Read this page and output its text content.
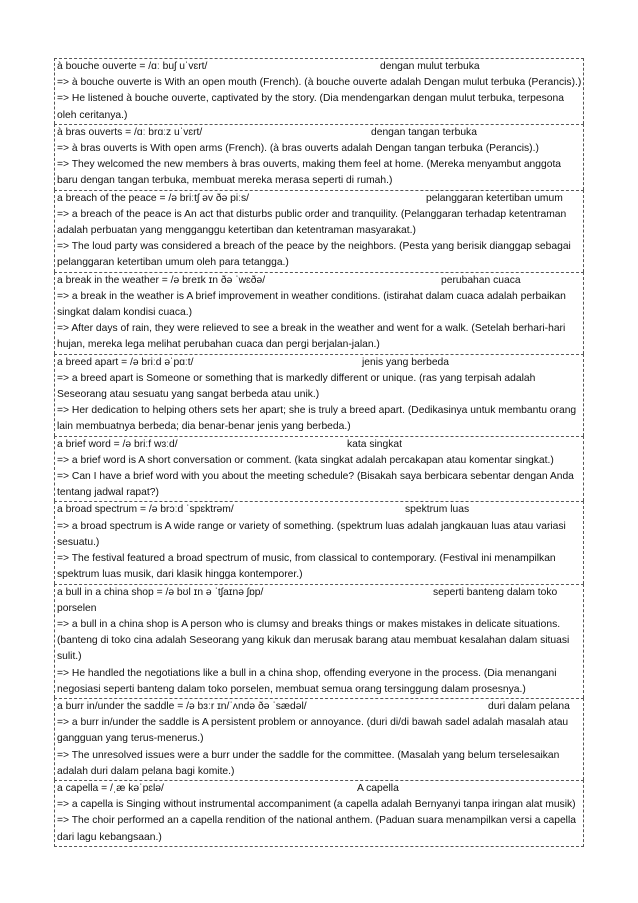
à bouche ouverte = /ɑː buʃ uˈvɛrt/	dengan mulut terbuka

=> à bouche ouverte is With an open mouth (French). (à bouche ouverte adalah Dengan mulut terbuka (Perancis).)

=> He listened à bouche ouverte, captivated by the story. (Dia mendengarkan dengan mulut terbuka, terpesona oleh ceritanya.)

à bras ouverts = /ɑː brɑːz uˈvɛrt/	dengan tangan terbuka

=> à bras ouverts is With open arms (French). (à bras ouverts adalah Dengan tangan terbuka (Perancis).)

=> They welcomed the new members à bras ouverts, making them feel at home. (Mereka menyambut anggota baru dengan tangan terbuka, membuat mereka merasa seperti di rumah.)

a breach of the peace = /ə briːtʃ əv ðə piːs/	pelanggaran ketertiban umum

=> a breach of the peace is An act that disturbs public order and tranquility. (Pelanggaran terhadap ketentraman adalah perbuatan yang mengganggu ketertiban dan ketentraman masyarakat.)

=> The loud party was considered a breach of the peace by the neighbors. (Pesta yang berisik dianggap sebagai pelanggaran ketertiban umum oleh para tetangga.)

a break in the weather = /ə breɪk ɪn ðə ˈwɛðə/	perubahan cuaca

=> a break in the weather is A brief improvement in weather conditions. (istirahat dalam cuaca adalah perbaikan singkat dalam kondisi cuaca.)

=> After days of rain, they were relieved to see a break in the weather and went for a walk. (Setelah berhari-hari hujan, mereka lega melihat perubahan cuaca dan pergi berjalan-jalan.)

a breed apart = /ə briːd əˈpɑːt/	jenis yang berbeda

=> a breed apart is Someone or something that is markedly different or unique. (ras yang terpisah adalah Seseorang atau sesuatu yang sangat berbeda atau unik.)

=> Her dedication to helping others sets her apart; she is truly a breed apart. (Dedikasinya untuk membantu orang lain membuatnya berbeda; dia benar-benar jenis yang berbeda.)

a brief word = /ə briːf wɜːd/	kata singkat

=> a brief word is A short conversation or comment. (kata singkat adalah percakapan atau komentar singkat.)

=> Can I have a brief word with you about the meeting schedule? (Bisakah saya berbicara sebentar dengan Anda tentang jadwal rapat?)

a broad spectrum = /ə brɔːd ˈspɛktrəm/	spektrum luas

=> a broad spectrum is A wide range or variety of something. (spektrum luas adalah jangkauan luas atau variasi sesuatu.)

=> The festival featured a broad spectrum of music, from classical to contemporary. (Festival ini menampilkan spektrum luas musik, dari klasik hingga kontemporer.)

a bull in a china shop = /ə bʊl ɪn ə ˈtʃaɪnə ʃɒp/	seperti banteng dalam toko

porselen

=> a bull in a china shop is A person who is clumsy and breaks things or makes mistakes in delicate situations. (banteng di toko cina adalah Seseorang yang kikuk dan merusak barang atau membuat kesalahan dalam situasi sulit.)

=> He handled the negotiations like a bull in a china shop, offending everyone in the process. (Dia menangani negosiasi seperti banteng dalam toko porselen, membuat semua orang tersinggung dalam prosesnya.)

a burr in/under the saddle = /ə bɜːr ɪn/ˈʌndə ðə ˈsædəl/	duri dalam pelana

=> a burr in/under the saddle is A persistent problem or annoyance. (duri di/di bawah sadel adalah masalah atau gangguan yang terus-menerus.)

=> The unresolved issues were a burr under the saddle for the committee. (Masalah yang belum terselesaikan adalah duri dalam pelana bagi komite.)

a capella = /ˌæ kəˈpɛlə/	A capella

=> a capella is Singing without instrumental accompaniment (a capella adalah Bernyanyi tanpa iringan alat musik)

=> The choir performed an a capella rendition of the national anthem. (Paduan suara menampilkan versi a capella dari lagu kebangsaan.)
